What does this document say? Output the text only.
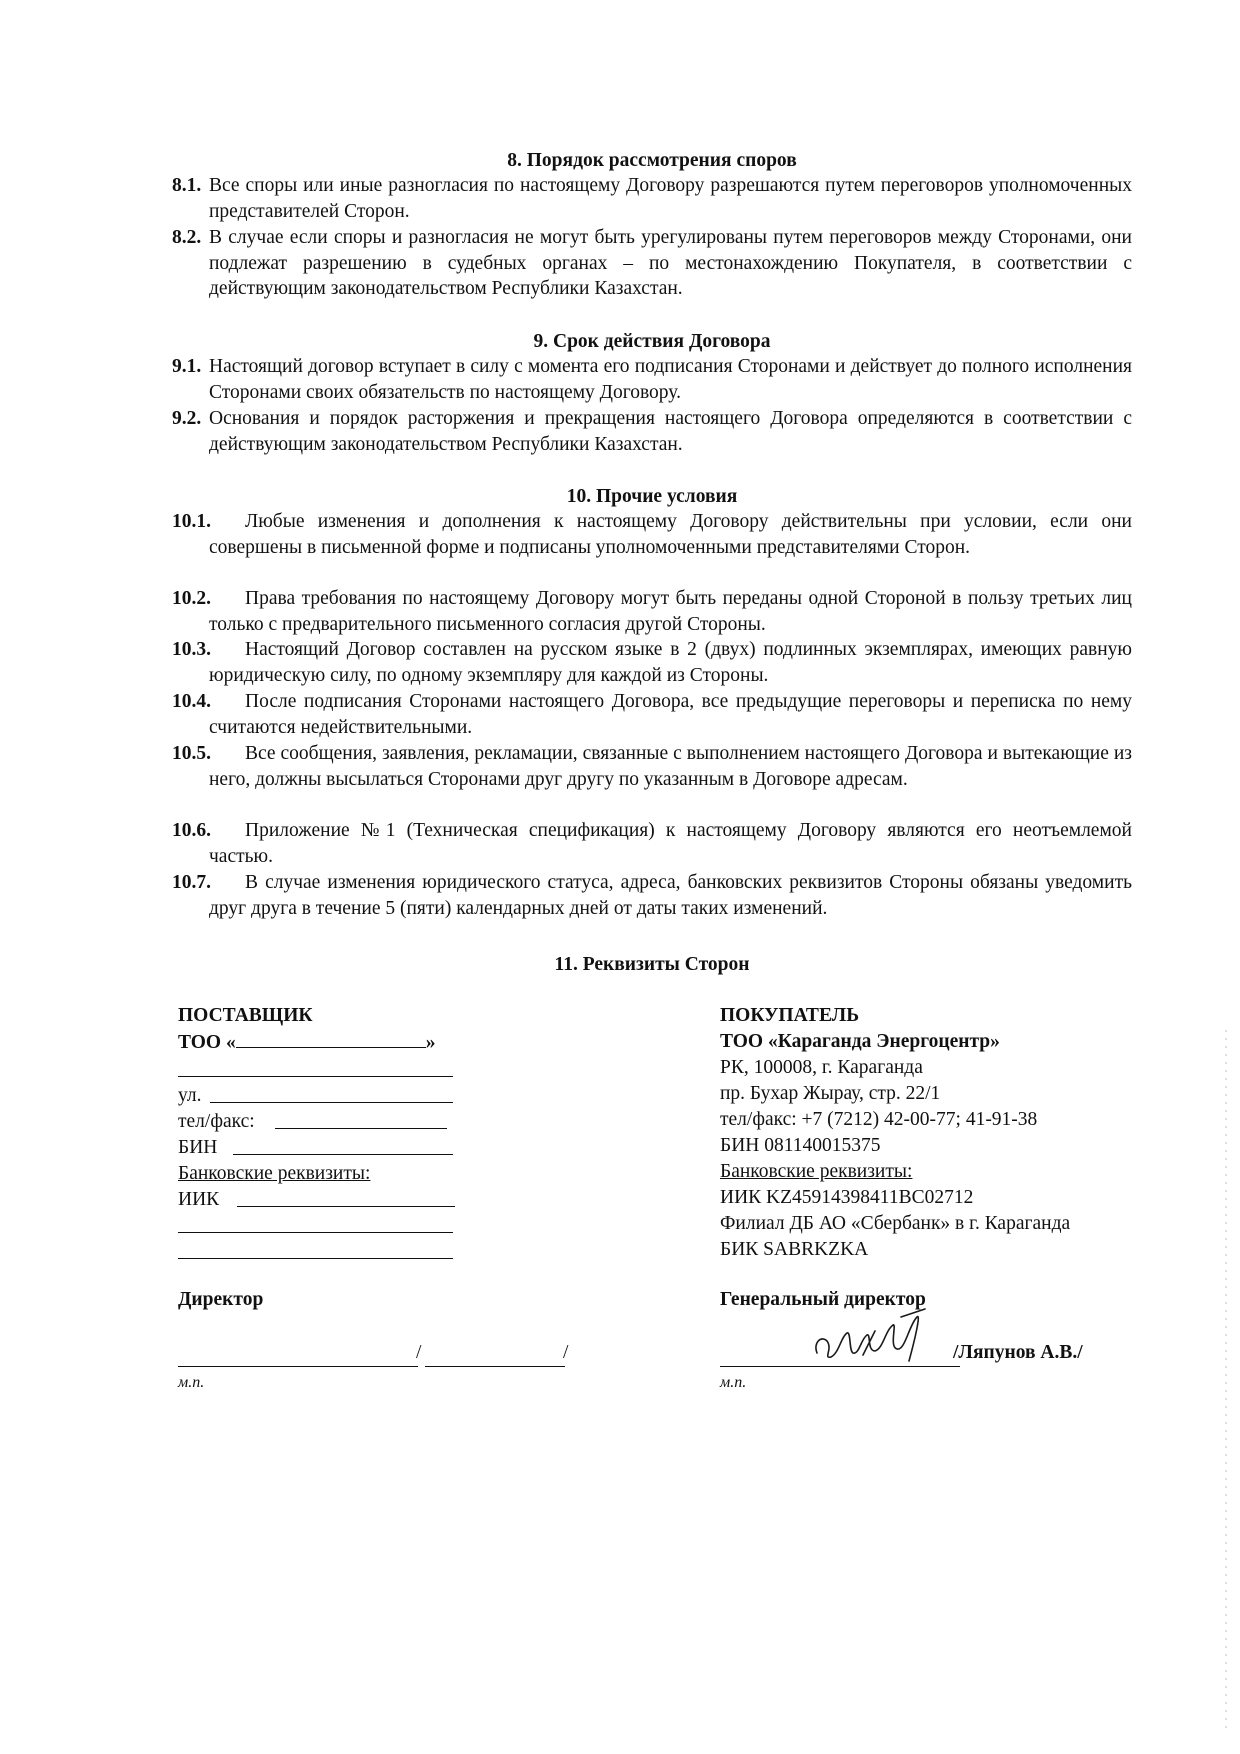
8. Порядок рассмотрения споров
8.1. Все споры или иные разногласия по настоящему Договору разрешаются путем переговоров уполномоченных представителей Сторон.
8.2. В случае если споры и разногласия не могут быть урегулированы путем переговоров между Сторонами, они подлежат разрешению в судебных органах – по местонахождению Покупателя, в соответствии с действующим законодательством Республики Казахстан.
9. Срок действия Договора
9.1. Настоящий договор вступает в силу с момента его подписания Сторонами и действует до полного исполнения Сторонами своих обязательств по настоящему Договору.
9.2. Основания и порядок расторжения и прекращения настоящего Договора определяются в соответствии с действующим законодательством Республики Казахстан.
10. Прочие условия
10.1.	Любые изменения и дополнения к настоящему Договору действительны при условии, если они совершены в письменной форме и подписаны уполномоченными представителями Сторон.
10.2.	Права требования по настоящему Договору могут быть переданы одной Стороной в пользу третьих лиц только с предварительного письменного согласия другой Стороны.
10.3.	Настоящий Договор составлен на русском языке в 2 (двух) подлинных экземплярах, имеющих равную юридическую силу, по одному экземпляру для каждой из Стороны.
10.4.	После подписания Сторонами настоящего Договора, все предыдущие переговоры и переписка по нему считаются недействительными.
10.5.	Все сообщения, заявления, рекламации, связанные с выполнением настоящего Договора и вытекающие из него, должны высылаться Сторонами друг другу по указанным в Договоре адресам.
10.6.	Приложение №1 (Техническая спецификация) к настоящему Договору являются его неотъемлемой частью.
10.7.	В случае изменения юридического статуса, адреса, банковских реквизитов Стороны обязаны уведомить друг друга в течение 5 (пяти) календарных дней от даты таких изменений.
11. Реквизиты Сторон
ПОСТАВЩИК
ТОО «	»
ул.
тел/факс:
БИН
Банковские реквизиты:
ИИК
Директор
/	/
м.п.
ПОКУПАТЕЛЬ
ТОО «Караганда Энергоцентр»
РК, 100008, г. Караганда
пр. Бухар Жырау, стр. 22/1
тел/факс: +7 (7212) 42-00-77; 41-91-38
БИН 081140015375
Банковские реквизиты:
ИИК KZ45914398411BC02712
Филиал ДБ АО «Сбербанк» в г. Караганда
БИК SABRKZKA
Генеральный директор
/Ляпунов А.В./
м.п.
